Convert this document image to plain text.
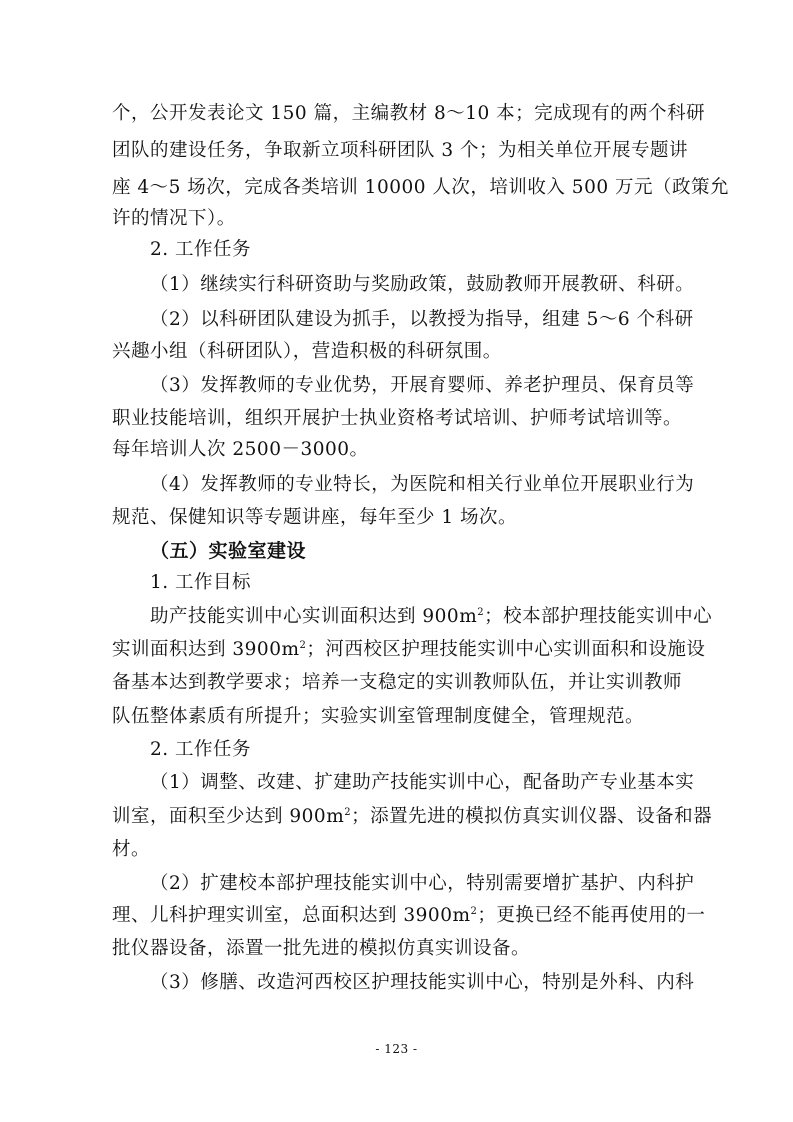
个，公开发表论文 150 篇，主编教材 8～10 本；完成现有的两个科研
团队的建设任务，争取新立项科研团队 3 个；为相关单位开展专题讲
座 4～5 场次，完成各类培训 10000 人次，培训收入 500 万元（政策允
许的情况下）。
2. 工作任务
（1）继续实行科研资助与奖励政策，鼓励教师开展教研、科研。
（2）以科研团队建设为抓手，以教授为指导，组建 5～6 个科研
兴趣小组（科研团队），营造积极的科研氛围。
（3）发挥教师的专业优势，开展育婴师、养老护理员、保育员等
职业技能培训，组织开展护士执业资格考试培训、护师考试培训等。
每年培训人次 2500－3000。
（4）发挥教师的专业特长，为医院和相关行业单位开展职业行为
规范、保健知识等专题讲座，每年至少 1 场次。
（五）实验室建设
1. 工作目标
助产技能实训中心实训面积达到 $900m^2$；校本部护理技能实训中心
实训面积达到 $3900m^2$；河西校区护理技能实训中心实训面积和设施设
备基本达到教学要求；培养一支稳定的实训教师队伍，并让实训教师
队伍整体素质有所提升；实验实训室管理制度健全，管理规范。
2. 工作任务
（1）调整、改建、扩建助产技能实训中心，配备助产专业基本实
训室，面积至少达到 $900m^2$；添置先进的模拟仿真实训仪器、设备和器
材。
（2）扩建校本部护理技能实训中心，特别需要增扩基护、内科护
理、儿科护理实训室，总面积达到 $3900m^2$；更换已经不能再使用的一
批仪器设备，添置一批先进的模拟仿真实训设备。
（3）修膳、改造河西校区护理技能实训中心，特别是外科、内科
- 123 -
